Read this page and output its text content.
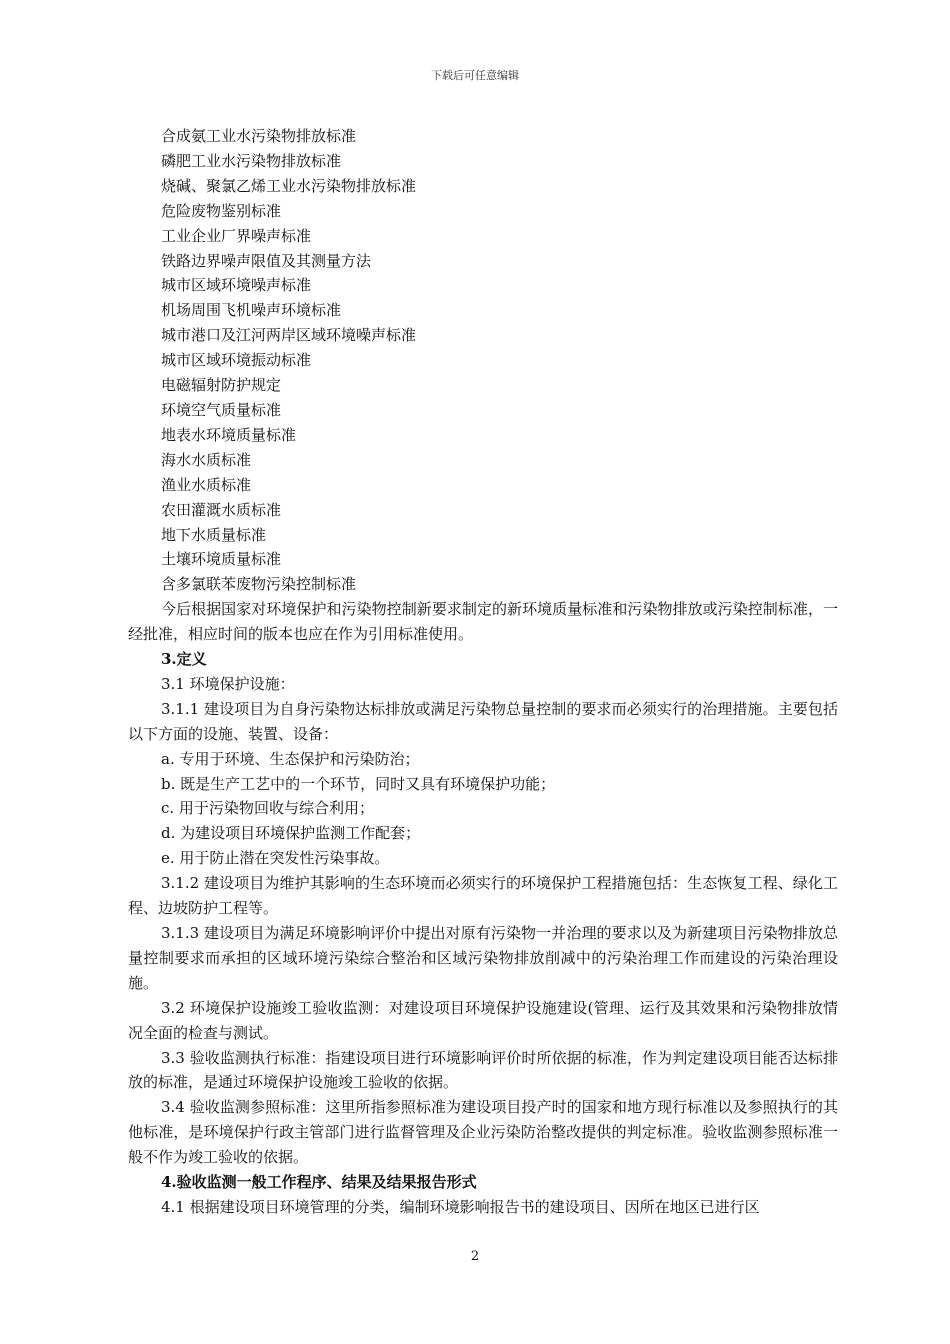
下载后可任意编辑
合成氨工业水污染物排放标准
磷肥工业水污染物排放标准
烧碱、聚氯乙烯工业水污染物排放标准
危险废物鉴别标准
工业企业厂界噪声标准
铁路边界噪声限值及其测量方法
城市区域环境噪声标准
机场周围飞机噪声环境标准
城市港口及江河两岸区域环境噪声标准
城市区域环境振动标准
电磁辐射防护规定
环境空气质量标准
地表水环境质量标准
海水水质标准
渔业水质标准
农田灌溉水质标准
地下水质量标准
土壤环境质量标准
含多氯联苯废物污染控制标准
今后根据国家对环境保护和污染物控制新要求制定的新环境质量标准和污染物排放或污染控制标准，一经批准，相应时间的版本也应在作为引用标准使用。
3.定义
3.1 环境保护设施：
3.1.1 建设项目为自身污染物达标排放或满足污染物总量控制的要求而必须实行的治理措施。主要包括以下方面的设施、装置、设备：
a. 专用于环境、生态保护和污染防治；
b. 既是生产工艺中的一个环节，同时又具有环境保护功能；
c. 用于污染物回收与综合利用；
d. 为建设项目环境保护监测工作配套；
e. 用于防止潜在突发性污染事故。
3.1.2 建设项目为维护其影响的生态环境而必须实行的环境保护工程措施包括：生态恢复工程、绿化工程、边坡防护工程等。
3.1.3 建设项目为满足环境影响评价中提出对原有污染物一并治理的要求以及为新建项目污染物排放总量控制要求而承担的区域环境污染综合整治和区域污染物排放削减中的污染治理工作而建设的污染治理设施。
3.2 环境保护设施竣工验收监测：对建设项目环境保护设施建设(管理、运行及其效果和污染物排放情况全面的检查与测试。
3.3 验收监测执行标准：指建设项目进行环境影响评价时所依据的标准，作为判定建设项目能否达标排放的标准，是通过环境保护设施竣工验收的依据。
3.4 验收监测参照标准：这里所指参照标准为建设项目投产时的国家和地方现行标准以及参照执行的其他标准，是环境保护行政主管部门进行监督管理及企业污染防治整改提供的判定标准。验收监测参照标准一般不作为竣工验收的依据。
4.验收监测一般工作程序、结果及结果报告形式
4.1 根据建设项目环境管理的分类，编制环境影响报告书的建设项目、因所在地区已进行区
2
